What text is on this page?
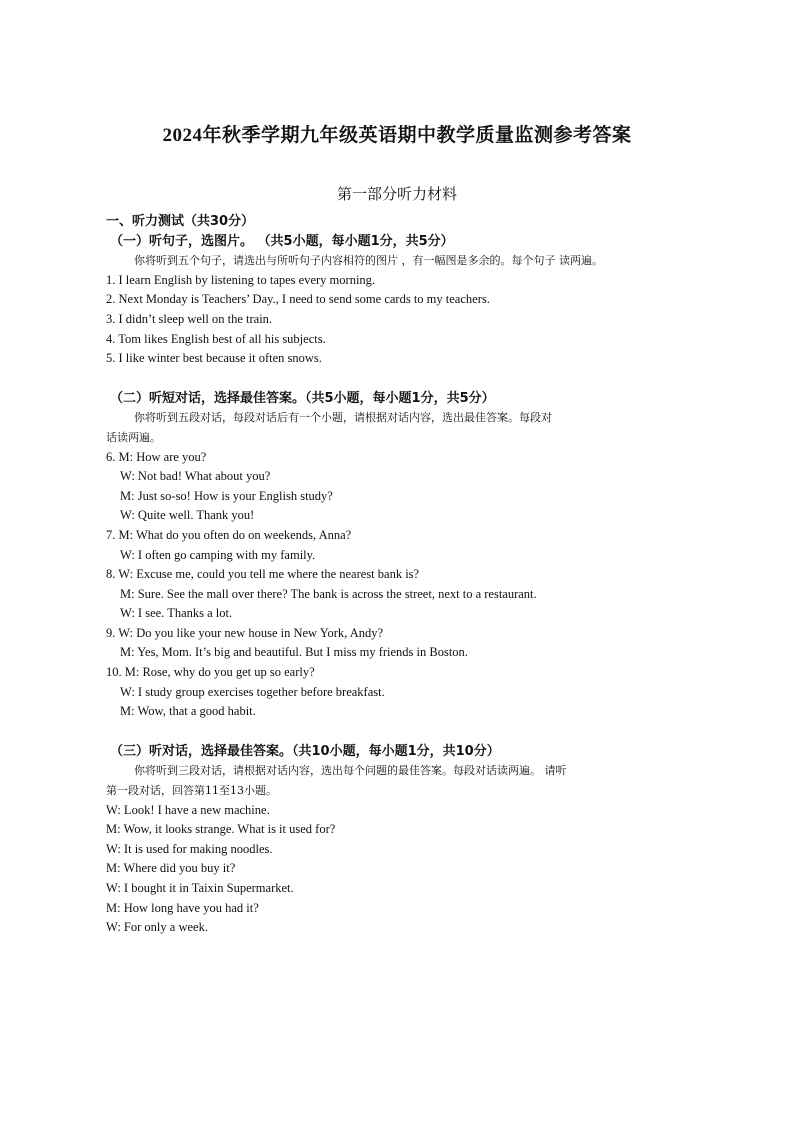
2024年秋季学期九年级英语期中教学质量监测参考答案
第一部分听力材料
一、听力测试（共30分）
（一）听句子，选图片。 （共5小题，每小题1分，共5分）
你将听到五个句子，请选出与所听句子内容相符的图片 ，有一幅图是多余的。每个句子 读两遍。
1. I learn English by listening to tapes every morning.
2. Next Monday is Teachers’ Day., I need to send some cards to my teachers.
3. I didn’t sleep well on the train.
4. Tom likes English best of all his subjects.
5. I like winter best because it often snows.
（二）听短对话，选择最佳答案。（共5小题，每小题1分，共5分）
你将听到五段对话，每段对话后有一个小题，请根据对话内容，选出最佳答案。每段对
话读两遍。
6. M: How are you?
W: Not bad! What about you?
M: Just so-so! How is your English study?
W: Quite well. Thank you!
7. M: What do you often do on weekends, Anna?
W: I often go camping with my family.
8. W: Excuse me, could you tell me where the nearest bank is?
M: Sure. See the mall over there? The bank is across the street, next to a restaurant.
W: I see. Thanks a lot.
9. W: Do you like your new house in New York, Andy?
M: Yes, Mom. It’s big and beautiful. But I miss my friends in Boston.
10. M: Rose, why do you get up so early?
W: I study group exercises together before breakfast.
M: Wow, that a good habit.
（三）听对话，选择最佳答案。（共10小题，每小题1分，共10分）
你将听到三段对话，请根据对话内容，选出每个问题的最佳答案。每段对话读两遍。 请听
第一段对话，回答第11至13小题。
W: Look! I have a new machine.
M: Wow, it looks strange. What is it used for?
W: It is used for making noodles.
M: Where did you buy it?
W: I bought it in Taixin Supermarket.
M: How long have you had it?
W: For only a week.
